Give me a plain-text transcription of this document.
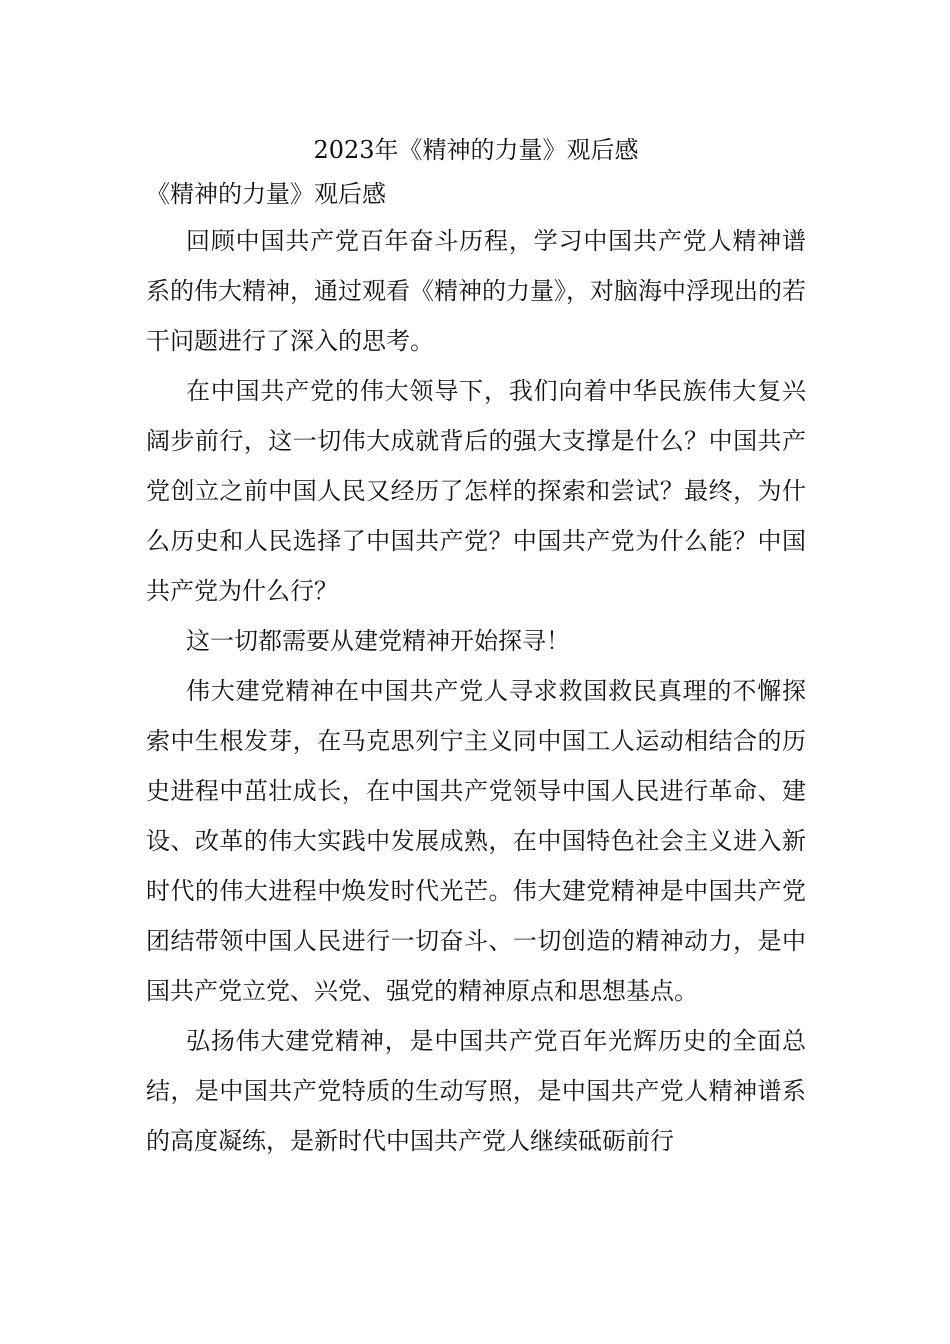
2023年《精神的力量》观后感

《精神的力量》观后感

回顾中国共产党百年奋斗历程，学习中国共产党人精神谱系的伟大精神，通过观看《精神的力量》，对脑海中浮现出的若干问题进行了深入的思考。

在中国共产党的伟大领导下，我们向着中华民族伟大复兴阔步前行，这一切伟大成就背后的强大支撑是什么？中国共产党创立之前中国人民又经历了怎样的探索和尝试？最终，为什么历史和人民选择了中国共产党？中国共产党为什么能？中国共产党为什么行？

这一切都需要从建党精神开始探寻！

伟大建党精神在中国共产党人寻求救国救民真理的不懈探索中生根发芽，在马克思列宁主义同中国工人运动相结合的历史进程中茁壮成长，在中国共产党领导中国人民进行革命、建设、改革的伟大实践中发展成熟，在中国特色社会主义进入新时代的伟大进程中焕发时代光芒。伟大建党精神是中国共产党团结带领中国人民进行一切奋斗、一切创造的精神动力，是中国共产党立党、兴党、强党的精神原点和思想基点。

弘扬伟大建党精神，是中国共产党百年光辉历史的全面总结，是中国共产党特质的生动写照，是中国共产党人精神谱系的高度凝练，是新时代中国共产党人继续砥砺前行
